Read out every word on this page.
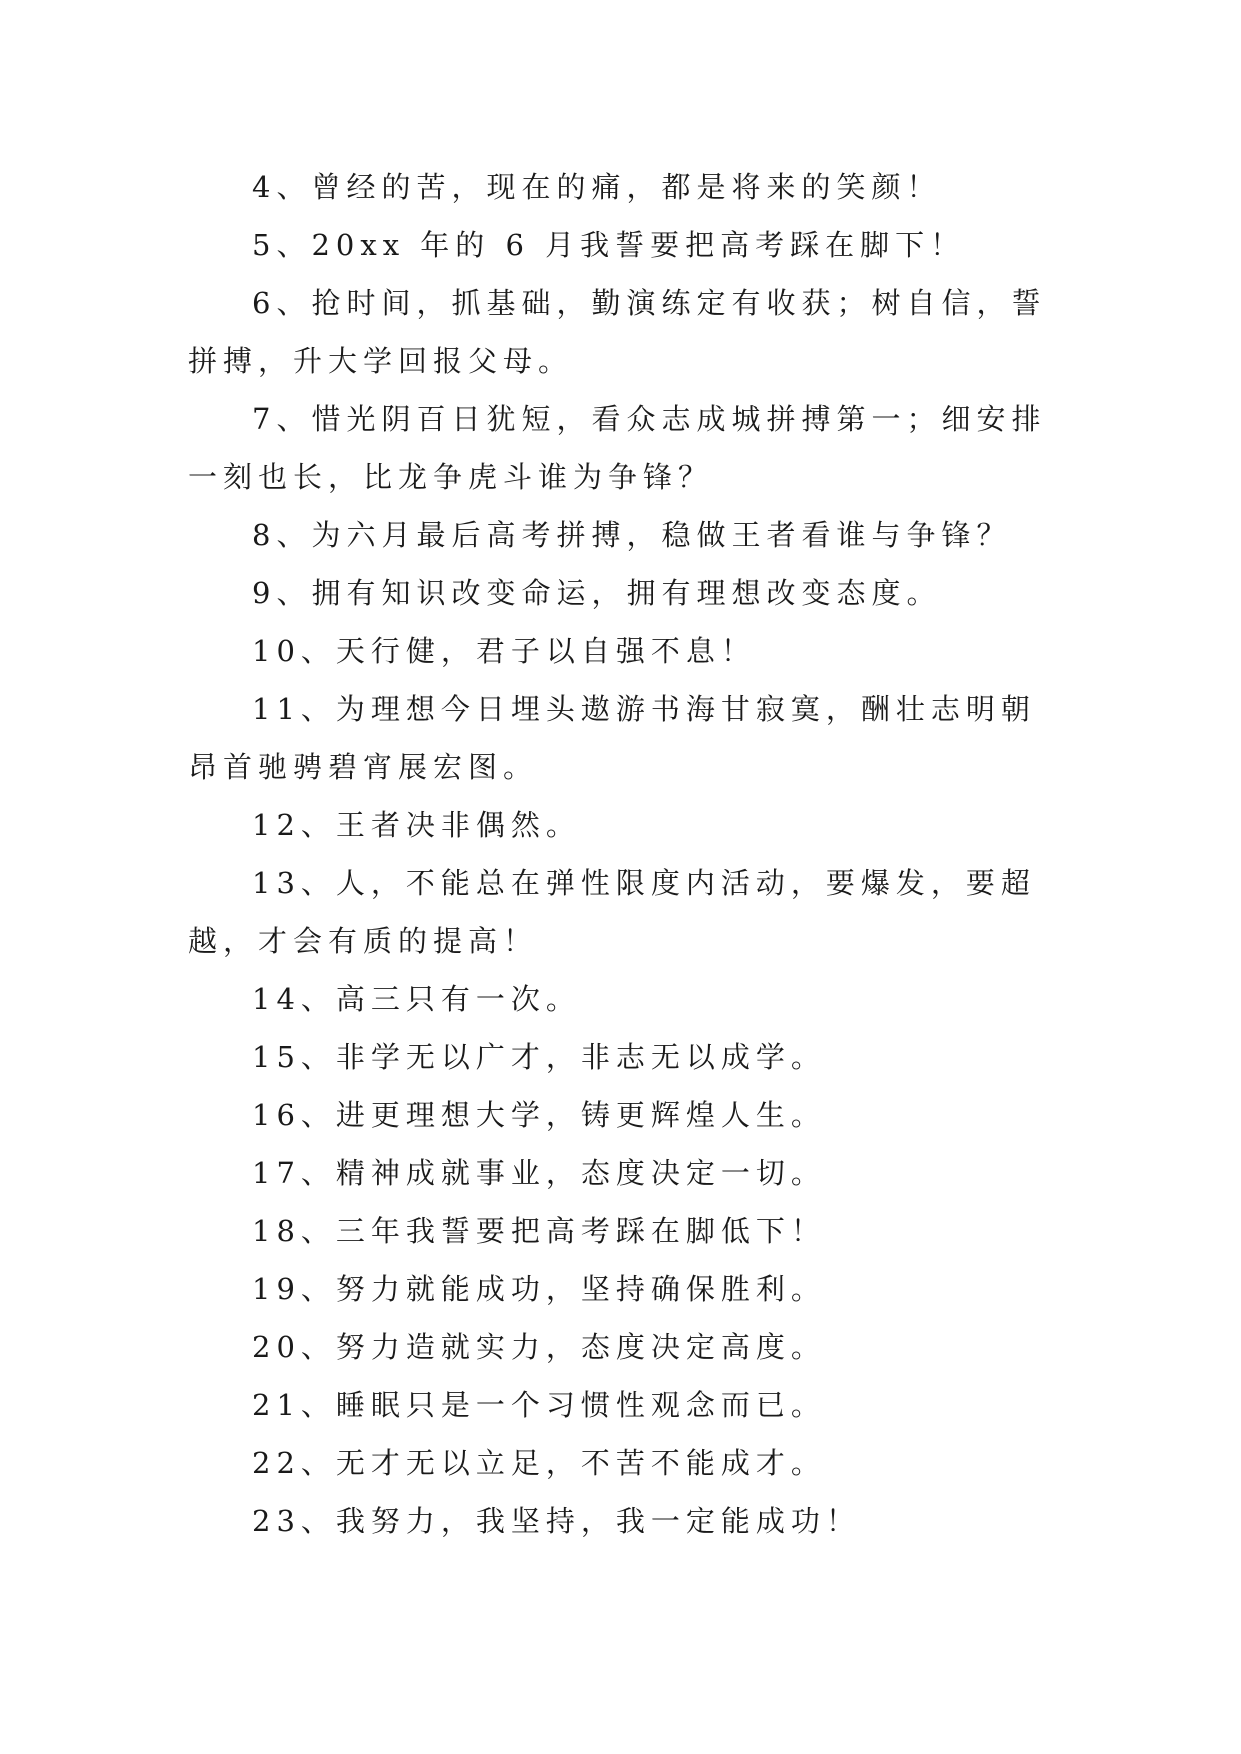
4、曾经的苦，现在的痛，都是将来的笑颜！

5、20xx 年的 6 月我誓要把高考踩在脚下！

6、抢时间，抓基础，勤演练定有收获；树自信，誓拼搏，升大学回报父母。

7、惜光阴百日犹短，看众志成城拼搏第一；细安排一刻也长，比龙争虎斗谁为争锋？

8、为六月最后高考拼搏，稳做王者看谁与争锋？

9、拥有知识改变命运，拥有理想改变态度。

10、天行健，君子以自强不息！

11、为理想今日埋头遨游书海甘寂寞，酬壮志明朝昂首驰骋碧宵展宏图。

12、王者决非偶然。

13、人，不能总在弹性限度内活动，要爆发，要超越，才会有质的提高！

14、高三只有一次。

15、非学无以广才，非志无以成学。

16、进更理想大学，铸更辉煌人生。

17、精神成就事业，态度决定一切。

18、三年我誓要把高考踩在脚低下！

19、努力就能成功，坚持确保胜利。

20、努力造就实力，态度决定高度。

21、睡眠只是一个习惯性观念而已。

22、无才无以立足，不苦不能成才。

23、我努力，我坚持，我一定能成功！
